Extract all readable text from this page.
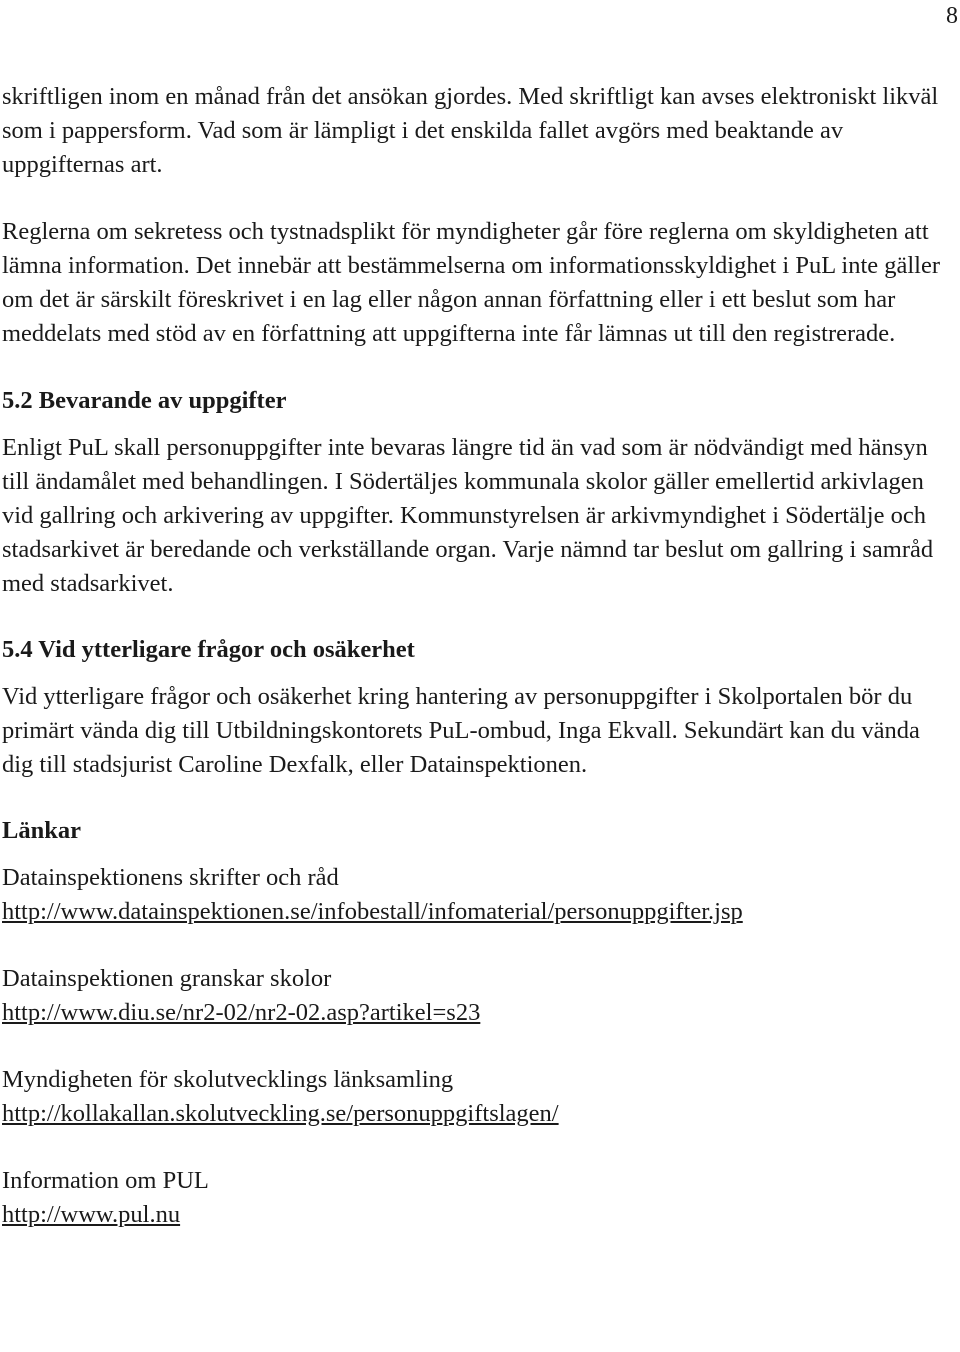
8

skriftligen inom en månad från det ansökan gjordes. Med skriftligt kan avses elektroniskt likväl som i pappersform. Vad som är lämpligt i det enskilda fallet avgörs med beaktande av uppgifternas art.

Reglerna om sekretess och tystnadsplikt för myndigheter går före reglerna om skyldigheten att lämna information. Det innebär att bestämmelserna om informationsskyldighet i PuL inte gäller om det är särskilt föreskrivet i en lag eller någon annan författning eller i ett beslut som har meddelats med stöd av en författning att uppgifterna inte får lämnas ut till den registrerade.

5.2 Bevarande av uppgifter

Enligt PuL skall personuppgifter inte bevaras längre tid än vad som är nödvändigt med hänsyn till ändamålet med behandlingen. I Södertäljes kommunala skolor gäller emellertid arkivlagen vid gallring och arkivering av uppgifter. Kommunstyrelsen är arkivmyndighet i Södertälje och stadsarkivet är beredande och verkställande organ. Varje nämnd tar beslut om gallring i samråd med stadsarkivet.

5.4 Vid ytterligare frågor och osäkerhet

Vid ytterligare frågor och osäkerhet kring hantering av personuppgifter i Skolportalen bör du primärt vända dig till Utbildningskontorets PuL-ombud, Inga Ekvall. Sekundärt kan du vända dig till stadsjurist Caroline Dexfalk, eller Datainspektionen.

Länkar
Datainspektionens skrifter och råd
http://www.datainspektionen.se/infobestall/infomaterial/personuppgifter.jsp
Datainspektionen granskar skolor
http://www.diu.se/nr2-02/nr2-02.asp?artikel=s23
Myndigheten för skolutvecklings länksamling
http://kollakallan.skolutveckling.se/personuppgiftslagen/
Information om PUL
http://www.pul.nu
